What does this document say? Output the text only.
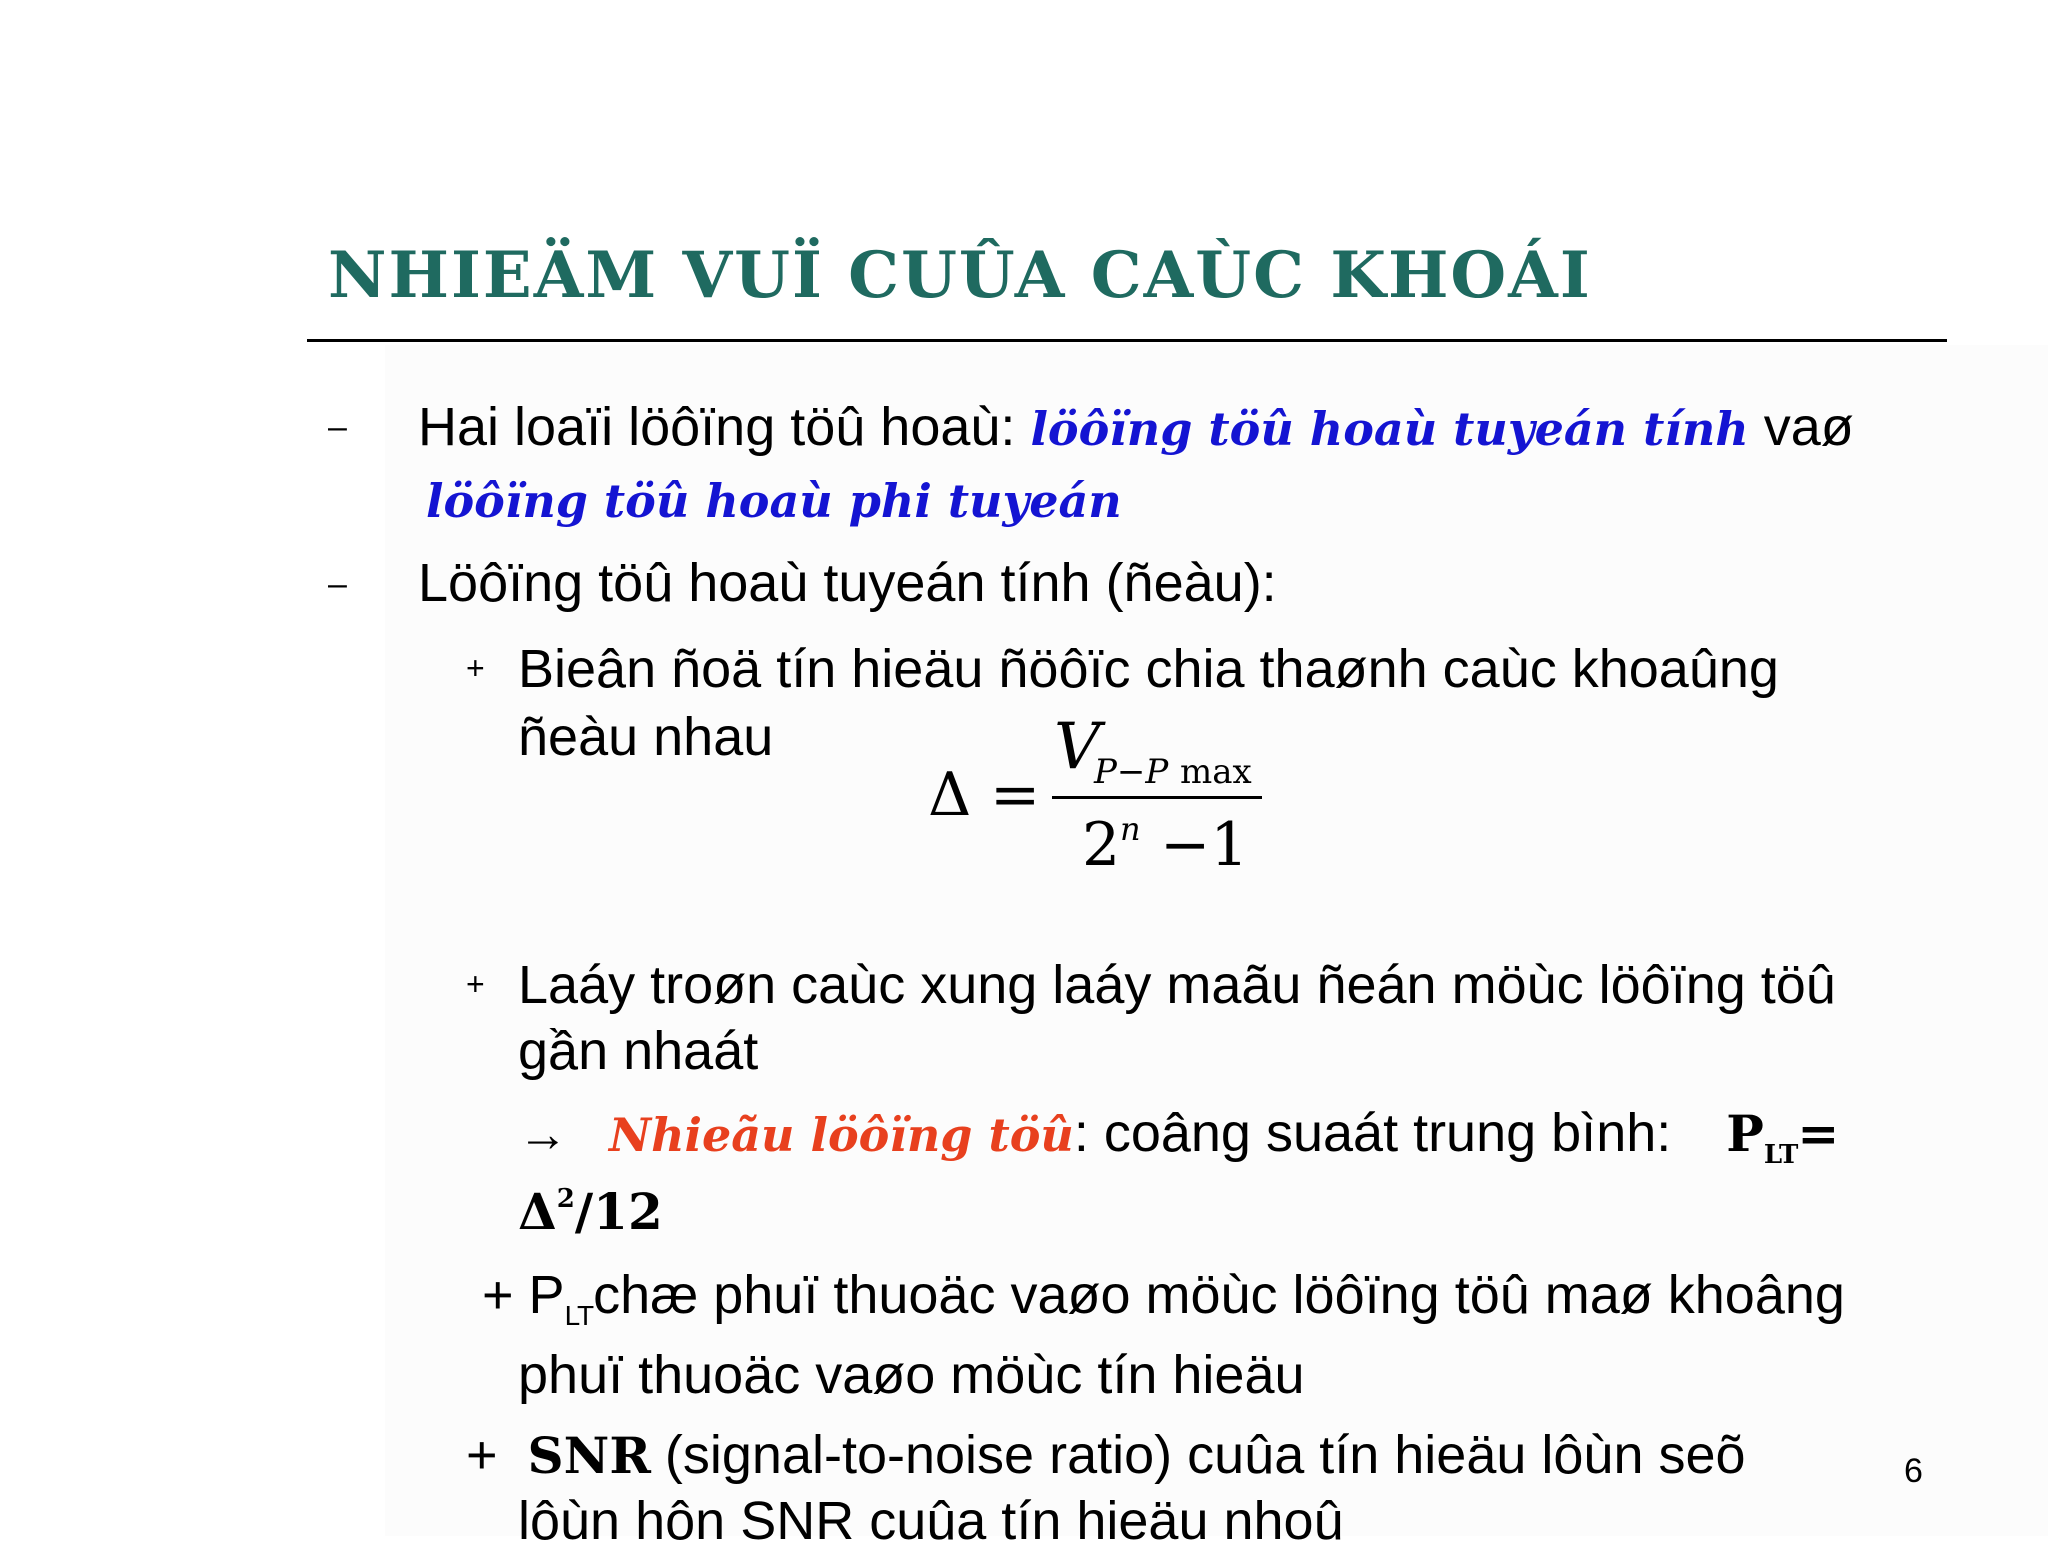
NHIEÄM VUÏ CUÛA CAÙC KHOÁI
– Hai loaïi löôïng töû hoaù: löôïng töû hoaù tuyeán tính vaø
löôïng töû hoaù phi tuyeán
– Löôïng töû hoaù tuyeán tính (ñeàu):
+ Bieân ñoä tín hieäu ñöôïc chia thaønh caùc khoaûng
ñeàu nhau
Δ =
V
P−P max
2 n −1
+ Laáy troøn caùc xung laáy maãu ñeán möùc löôïng töû
gần nhaát
→ Nhieãu löôïng töû: coâng suaát trung bình: $P_{LT}=$
$\Delta^2/12$
+ $P_{LT}chæ$ phuï thuoäc vaøo möùc löôïng töû maø khoâng
phuï thuoäc vaøo möùc tín hieäu
+ SNR (signal-to-noise ratio) cuûa tín hieäu lôùn seõ
lôùn hôn SNR cuûa tín hieäu nhoû
6
